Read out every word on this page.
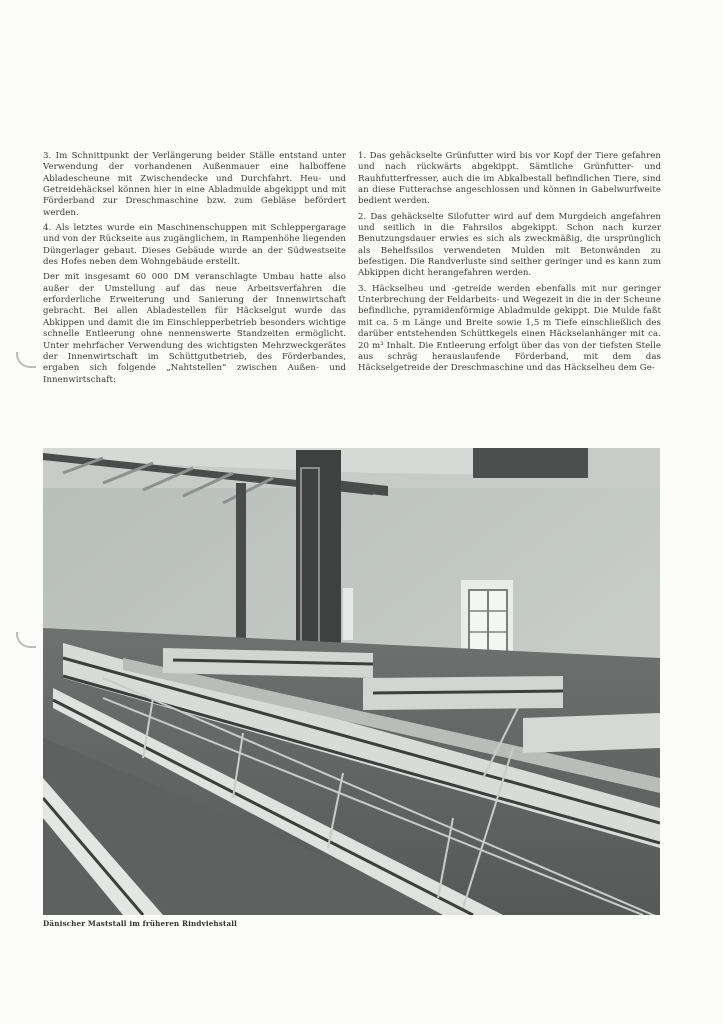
3. Im Schnittpunkt der Verlängerung beider Ställe entstand unter Verwendung der vorhandenen Außenmauer eine halboffene Abladescheune mit Zwischendecke und Durchfahrt. Heu- und Getreidehäcksel können hier in eine Abladmulde abgekippt und mit Förderband zur Dreschmaschine bzw. zum Gebläse befördert werden.

4. Als letztes wurde ein Maschinenschuppen mit Schleppergarage und von der Rückseite aus zugänglichem, in Rampenhöhe liegenden Düngerlager gebaut. Dieses Gebäude wurde an der Südwestseite des Hofes neben dem Wohngebäude erstellt.

Der mit insgesamt 60 000 DM veranschlagte Umbau hatte also außer der Umstellung auf das neue Arbeitsverfahren die erforderliche Erweiterung und Sanierung der Innenwirtschaft gebracht. Bei allen Abladestellen für Häckselgut wurde das Abkippen und damit die im Einschlepperbetrieb besonders wichtige schnelle Entleerung ohne nennenswerte Standzeiten ermöglicht. Unter mehrfacher Verwendung des wichtigsten Mehrzweckgerätes der Innenwirtschaft im Schüttgutbetrieb, des Förderbandes, ergaben sich folgende „Nahtstellen“ zwischen Außen- und Innenwirtschaft:

1. Das gehäckselte Grünfutter wird bis vor Kopf der Tiere gefahren und nach rückwärts abgekippt. Sämtliche Grünfutter- und Rauhfutterfresser, auch die im Abkalbestall befindlichen Tiere, sind an diese Futterachse angeschlossen und können in Gabelwurfweite bedient werden.

2. Das gehäckselte Silofutter wird auf dem Murgdeich angefahren und seitlich in die Fahrsilos abgekippt. Schon nach kurzer Benutzungsdauer erwies es sich als zweckmäßig, die ursprünglich als Behelfssilos verwendeten Mulden mit Betonwänden zu befestigen. Die Randverluste sind seither geringer und es kann zum Abkippen dicht herangefahren werden.

3. Häckselheu und -getreide werden ebenfalls mit nur geringer Unterbrechung der Feldarbeits- und Wegezeit in die in der Scheune befindliche, pyramidenförmige Abladmulde gekippt. Die Mulde faßt mit ca. 5 m Länge und Breite sowie 1,5 m Tiefe einschließlich des darüber entstehenden Schüttkegels einen Häckselanhänger mit ca. 20 m³ Inhalt. Die Entleerung erfolgt über das von der tiefsten Stelle aus schräg herauslaufende Förderband, mit dem das Häckselgetreide der Dreschmaschine und das Häckselheu dem Ge-

Dänischer Maststall im früheren Rindviehstall
